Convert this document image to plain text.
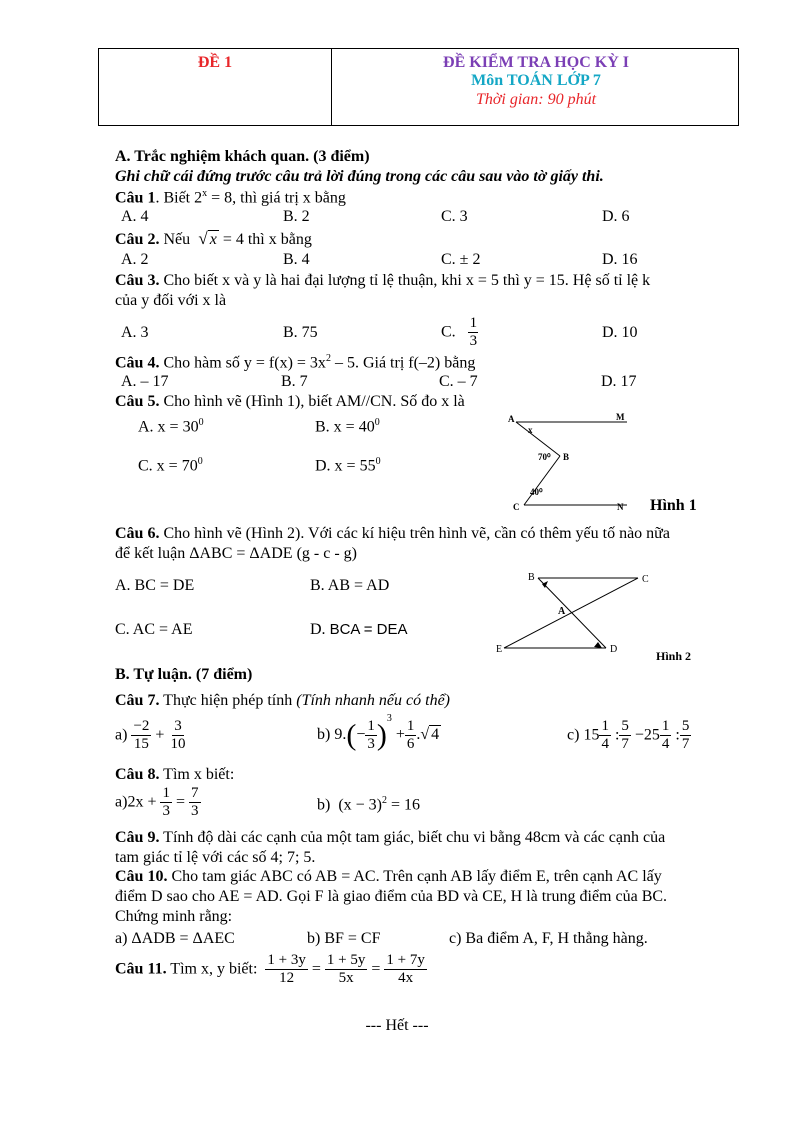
ĐỀ 1	ĐỀ KIỂM TRA HỌC KỲ I
Môn TOÁN LỚP 7
Thời gian: 90 phút
A. Trắc nghiệm khách quan. (3 điểm)
Ghi chữ cái đứng trước câu trả lời đúng trong các câu sau vào tờ giấy thi.
Câu 1. Biết $2^x = 8$, thì giá trị x bằng
A. 4	B. 2	C. 3	D. 6
Câu 2. Nếu  √ x = 4 thì x bằng
A. 2	B. 4	C. ± 2	D. 16
Câu 3. Cho biết x và y là hai đại lượng tỉ lệ thuận, khi x = 5 thì y = 15. Hệ số tỉ lệ k
của y đối với x là
A. 3	B. 75	C. $\frac{1}{3}$	D. 10
Câu 4. Cho hàm số $y = f(x) = 3x^2 - 5$. Giá trị f(–2) bằng
A. – 17	B. 7	C. – 7	D. 17
Câu 5. Cho hình vẽ (Hình 1), biết AM//CN. Số đo x là
A. $x = 30^0$	B. $x = 40^0$
C. $x = 70^0$	D. $x = 55^0$
A	M
x
70⁰ B
40⁰
C	N Hình 1
Câu 6. Cho hình vẽ (Hình 2). Với các kí hiệu trên hình vẽ, cần có thêm yếu tố nào nữa
để kết luận ΔABC = ΔADE (g - c - g)
A. BC = DE	B. AB = AD
C. AC = AE	D. BCA = DEA
B	C
A
E	D	Hình 2
B. Tự luận. (7 điểm)
Câu 7. Thực hiện phép tính (Tính nhanh nếu có thể)
$a) \frac{-2}{15} + \frac{3}{10}$	b) $9.(- \frac{1}{3} )^3 + \frac{1}{6}$ .√ 4	c) $15 \frac{1}{4}$ : $\frac{5}{7} -25 \frac{1}{4}$ : $\frac{5}{7}$
Câu 8. Tìm x biết:
$a)2x + \frac{1}{3} = \frac{7}{3}$	b) $(x - 3)^2 = 16$
Câu 9. Tính độ dài các cạnh của một tam giác, biết chu vi bằng 48cm và các cạnh của
tam giác tỉ lệ với các số 4; 7; 5.
Câu 10. Cho tam giác ABC có AB = AC. Trên cạnh AB lấy điểm E, trên cạnh AC lấy
điểm D sao cho AE = AD. Gọi F là giao điểm của BD và CE, H là trung điểm của BC.
Chứng minh rằng:
a) ΔADB = ΔAEC	b) BF = CF	c) Ba điểm A, F, H thẳng hàng.
Câu 11. Tìm x, y biết: $\frac{1 + 3y}{12} = \frac{1 + 5y}{5x} = \frac{1 + 7y}{4x}$
--- Hết ---
